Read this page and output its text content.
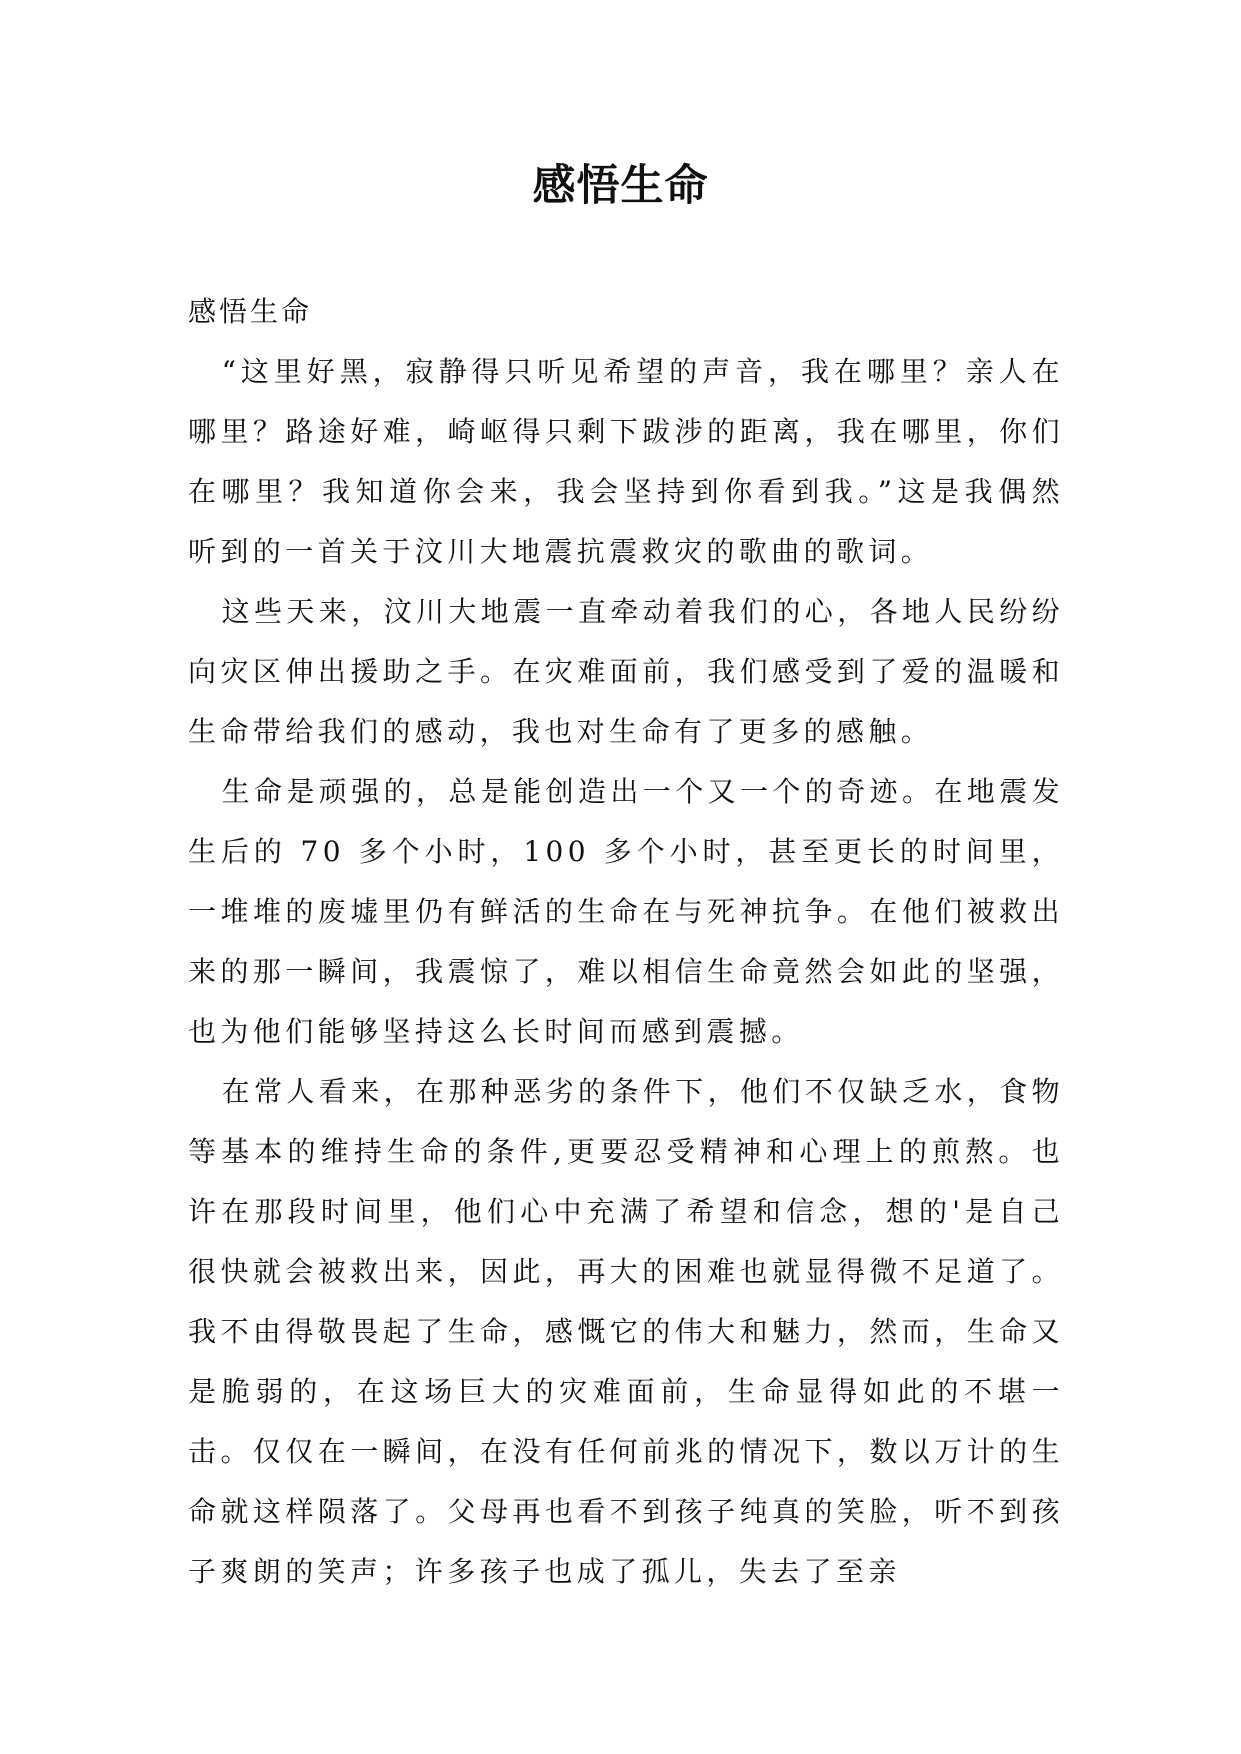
感悟生命

感悟生命

“这里好黑，寂静得只听见希望的声音，我在哪里？亲人在哪里？路途好难，崎岖得只剩下跋涉的距离，我在哪里，你们在哪里？我知道你会来，我会坚持到你看到我。”这是我偶然听到的一首关于汶川大地震抗震救灾的歌曲的歌词。

这些天来，汶川大地震一直牵动着我们的心，各地人民纷纷向灾区伸出援助之手。在灾难面前，我们感受到了爱的温暖和生命带给我们的感动，我也对生命有了更多的感触。

生命是顽强的，总是能创造出一个又一个的奇迹。在地震发生后的 70 多个小时，100 多个小时，甚至更长的时间里，一堆堆的废墟里仍有鲜活的生命在与死神抗争。在他们被救出来的那一瞬间，我震惊了，难以相信生命竟然会如此的坚强，也为他们能够坚持这么长时间而感到震撼。

在常人看来，在那种恶劣的条件下，他们不仅缺乏水，食物等基本的维持生命的条件,更要忍受精神和心理上的煎熬。也许在那段时间里，他们心中充满了希望和信念，想的'是自己很快就会被救出来，因此，再大的困难也就显得微不足道了。我不由得敬畏起了生命，感慨它的伟大和魅力，然而，生命又是脆弱的，在这场巨大的灾难面前，生命显得如此的不堪一击。仅仅在一瞬间，在没有任何前兆的情况下，数以万计的生命就这样陨落了。父母再也看不到孩子纯真的笑脸，听不到孩子爽朗的笑声；许多孩子也成了孤儿，失去了至亲
